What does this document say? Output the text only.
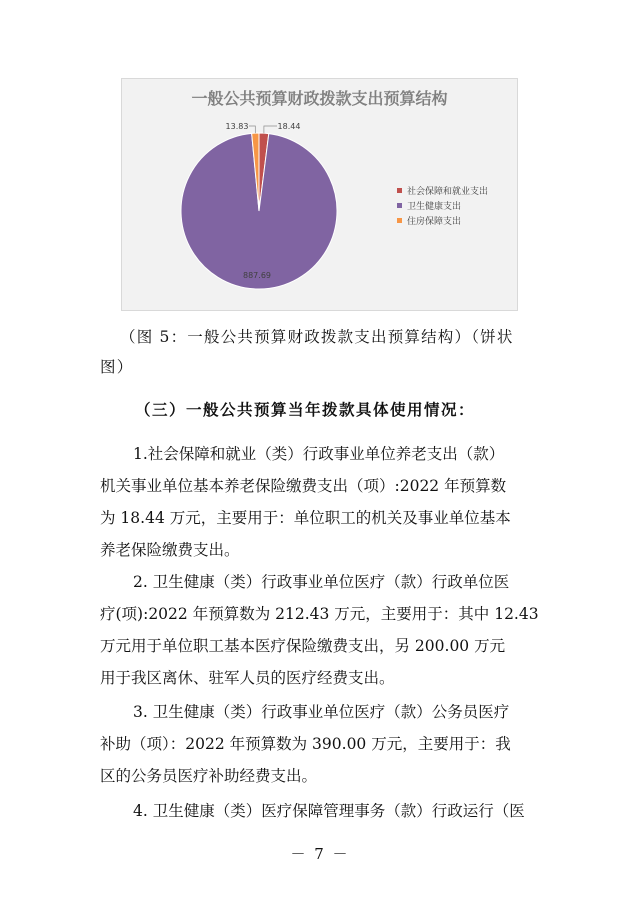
一般公共预算财政拨款支出预算结构
18.44
887.69
13.83
社会保障和就业支出
卫生健康支出
住房保障支出
（图 5：一般公共预算财政拨款支出预算结构）（饼状
图）
（三）一般公共预算当年拨款具体使用情况：
1.社会保障和就业（类）行政事业单位养老支出（款）
机关事业单位基本养老保险缴费支出（项）:2022 年预算数
为 18.44 万元，主要用于：单位职工的机关及事业单位基本
养老保险缴费支出。
2. 卫生健康（类）行政事业单位医疗（款）行政单位医
疗(项):2022 年预算数为 212.43 万元，主要用于：其中 12.43
万元用于单位职工基本医疗保险缴费支出，另 200.00 万元
用于我区离休、驻军人员的医疗经费支出。
3. 卫生健康（类）行政事业单位医疗（款）公务员医疗
补助（项）：2022 年预算数为 390.00 万元，主要用于：我
区的公务员医疗补助经费支出。
4. 卫生健康（类）医疗保障管理事务（款）行政运行（医
－ 7 －
